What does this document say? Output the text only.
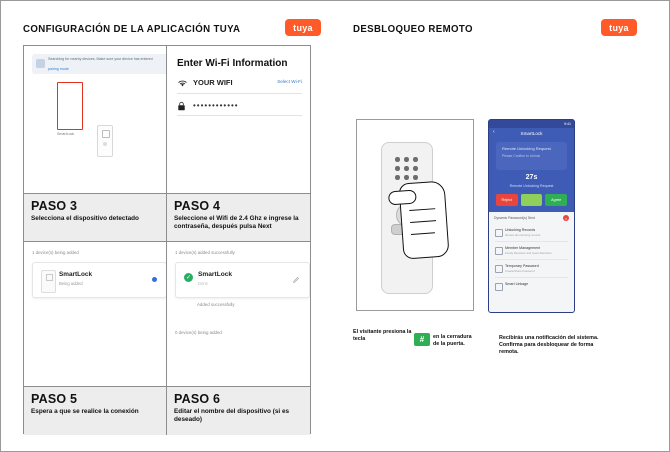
CONFIGURACIÓN DE LA APLICACIÓN TUYA	tuya	DESBLOQUEO REMOTO	tuya
Searching for nearby devices. Make sure your device has entered
pairing mode
SmartLock
Enter Wi-Fi Information
YOUR WIFI	Select Wi-Fi
••••••••••••
PASO 3
Selecciona el dispositivo detectado
PASO 4
Seleccione el Wifi de 2.4 Ghz e ingrese la contraseña, después pulsa Next
1 device(s) being added
SmartLock
Being added
1 device(s) added successfully
✓	SmartLock
Done
Added successfully
0 device(s) being added
PASO 5
Espera a que se realice la conexión
PASO 6
Editar el nombre del dispositivo (si es deseado)
9:41
‹	SmartLock
Remote Unlocking Request
Please Confirm to Unlock
27s
Remote Unlocking Request
Reject	Agree
Dynamic Password(s) Sent	×
Unlocking Records
Review all unlocking records
Member Management
Family Members and Guest Members
Temporary Password
Create/Share Password
Smart Linkage
El visitante presiona la tecla	#	en la cerradura de la puerta.
Recibirás una notificación del sistema. Confirma para desbloquear de forma remota.
